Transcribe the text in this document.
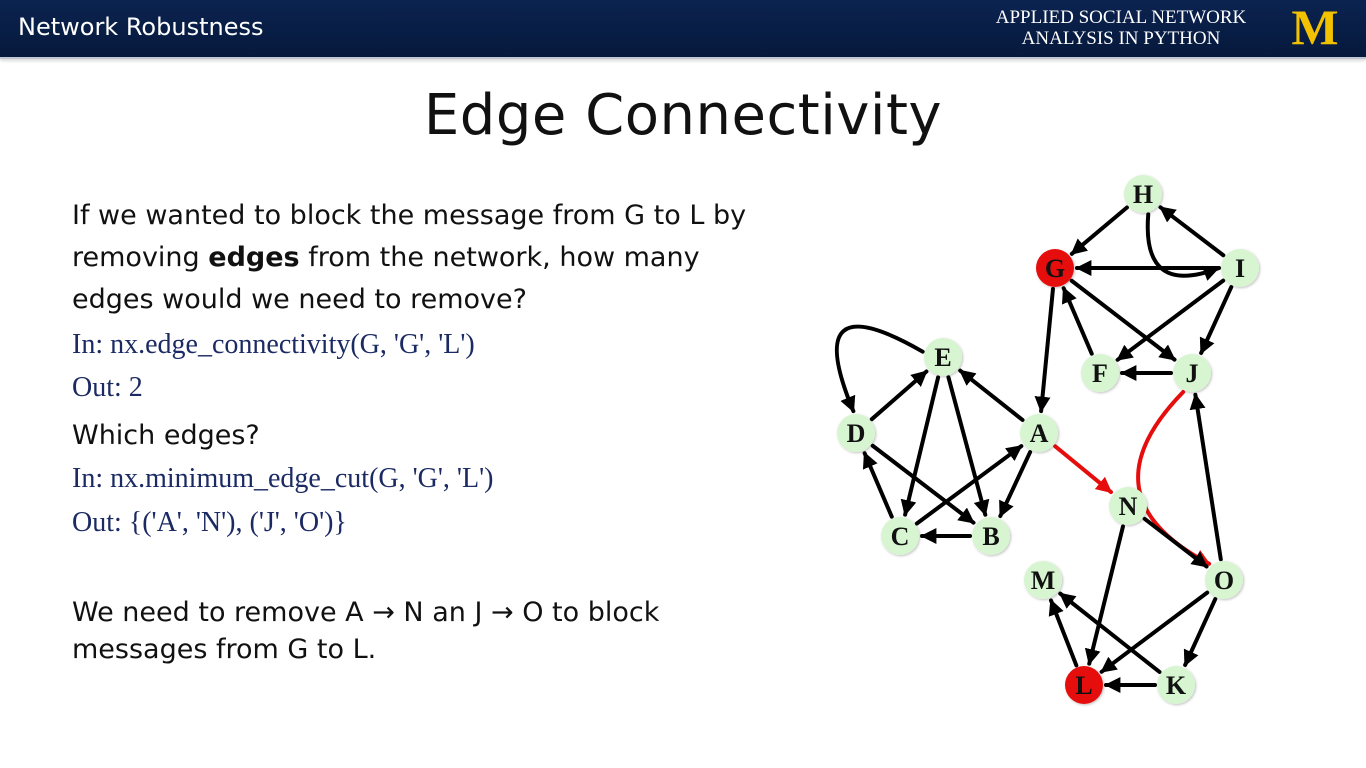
Network Robustness	APPLIED SOCIAL NETWORK
ANALYSIS IN PYTHON	M
Edge Connectivity
If we wanted to block the message from G to L by
removing edges from the network, how many
edges would we need to remove?
In: nx.edge_connectivity(G, 'G', 'L')
Out: 2
Which edges?
In: nx.minimum_edge_cut(G, 'G', 'L')
Out: {('A', 'N'), ('J', 'O')}
We need to remove A → N an J → O to block
messages from G to L.
H
I
G
F	J
E
D	A
N
C	B
O
M
L	K
